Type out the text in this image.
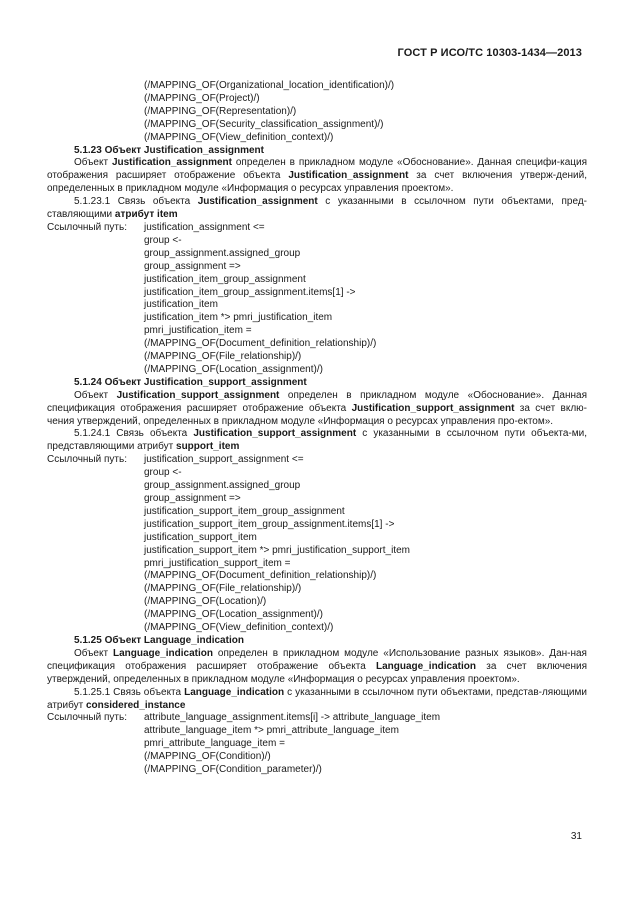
ГОСТ Р ИСО/ТС 10303-1434—2013
(/MAPPING_OF(Organizational_location_identification)/)
(/MAPPING_OF(Project)/)
(/MAPPING_OF(Representation)/)
(/MAPPING_OF(Security_classification_assignment)/)
(/MAPPING_OF(View_definition_context)/)
5.1.23 Объект Justification_assignment
Объект Justification_assignment определен в прикладном модуле «Обоснование». Данная специфи-кация отображения расширяет отображение объекта Justification_assignment за счет включения утверж-дений, определенных в прикладном модуле «Информация о ресурсах управления проектом».
5.1.23.1 Связь объекта Justification_assignment с указанными в ссылочном пути объектами, пред-ставляющими атрибут item
Ссылочный путь:	justification_assignment <=
group <-
group_assignment.assigned_group
group_assignment =>
justification_item_group_assignment
justification_item_group_assignment.items[1] ->
justification_item
justification_item *> pmri_justification_item
pmri_justification_item =
(/MAPPING_OF(Document_definition_relationship)/)
(/MAPPING_OF(File_relationship)/)
(/MAPPING_OF(Location_assignment)/)
5.1.24 Объект Justification_support_assignment
Объект Justification_support_assignment определен в прикладном модуле «Обоснование». Данная спецификация отображения расширяет отображение объекта Justification_support_assignment за счет вклю-чения утверждений, определенных в прикладном модуле «Информация о ресурсах управления про-ектом».
5.1.24.1 Связь объекта Justification_support_assignment с указанными в ссылочном пути объекта-ми, представляющими атрибут support_item
Ссылочный путь:	justification_support_assignment <=
group <-
group_assignment.assigned_group
group_assignment =>
justification_support_item_group_assignment
justification_support_item_group_assignment.items[1] ->
justification_support_item
justification_support_item *> pmri_justification_support_item
pmri_justification_support_item =
(/MAPPING_OF(Document_definition_relationship)/)
(/MAPPING_OF(File_relationship)/)
(/MAPPING_OF(Location)/)
(/MAPPING_OF(Location_assignment)/)
(/MAPPING_OF(View_definition_context)/)
5.1.25 Объект Language_indication
Объект Language_indication определен в прикладном модуле «Использование разных языков». Дан-ная спецификация отображения расширяет отображение объекта Language_indication за счет включения утверждений, определенных в прикладном модуле «Информация о ресурсах управления проектом».
5.1.25.1 Связь объекта Language_indication с указанными в ссылочном пути объектами, представ-ляющими атрибут considered_instance
Ссылочный путь:	attribute_language_assignment.items[i] -> attribute_language_item
attribute_language_item *> pmri_attribute_language_item
pmri_attribute_language_item =
(/MAPPING_OF(Condition)/)
(/MAPPING_OF(Condition_parameter)/)
31
